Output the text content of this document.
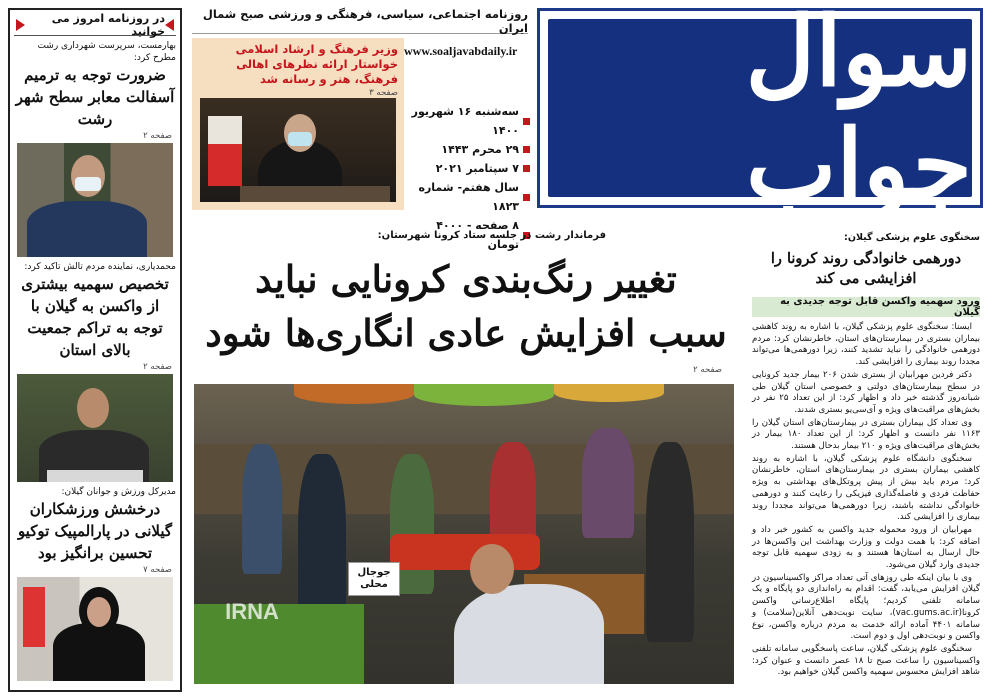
سوال جواب
روزنامه اجتماعی، سیاسی، فرهنگی و ورزشی صبح شمال ایران
www.soaljavabdaily.ir
سه‌شنبه ۱۶ شهریور ۱۴۰۰
۲۹ محرم ۱۴۴۳
۷ سپتامبر ۲۰۲۱
سال هفتم- شماره ۱۸۲۳
۸ صفحه - ۴۰۰۰ تومان
وزیر فرهنگ و ارشاد اسلامی خواستار ارائه نظرهای اهالی فرهنگ، هنر و رسانه شد
صفحه ۳
در روزنامه امروز می خوانید
بهارمست، سرپرست شهرداری رشت مطرح کرد:
ضرورت توجه به ترمیم آسفالت معابر سطح شهر رشت
صفحه ۲
محمدیاری، نماینده مردم تالش تاکید کرد:
تخصیص سهمیه بیشتری از واکسن به گیلان با توجه به تراکم جمعیت بالای استان
صفحه ۲
مدیرکل ورزش و جوانان گیلان:
درخشش ورزشکاران گیلانی در پارالمپیک توکیو تحسین برانگیز بود
صفحه ۷
فرماندار رشت در جلسه ستاد کرونا شهرستان:
تغییر رنگ‌بندی کرونایی نباید
سبب افزایش عادی انگاری‌ها شود
صفحه ۲
جوجال محلی
IRNA
سخنگوی علوم پزشکی گیلان:
دورهمی خانوادگی روند کرونا را افزایشی می کند
ورود سهمیه واکسن قابل توجه جدیدی به گیلان

ایسنا: سخنگوی علوم پزشکی گیلان، با اشاره به روند کاهشی بیماران بستری در بیمارستان‌های استان، خاطرنشان کرد: مردم دورهمی خانوادگی را نباید تشدید کنند، زیرا دورهمی‌ها می‌تواند مجددا روند بیماری را افزایشی کند.

دکتر فردین مهرابیان از بستری شدن ۲۰۶ بیمار جدید کرونایی در سطح بیمارستان‌های دولتی و خصوصی استان گیلان طی شبانه‌روز گذشته خبر داد و اظهار کرد: از این تعداد ۲۵ نفر در بخش‌های مراقبت‌های ویژه و آی‌سی‌یو بستری شدند.

وی تعداد کل بیماران بستری در بیمارستان‌های استان گیلان را ۱۱۶۳ نفر دانست و اظهار کرد: از این تعداد ۱۸۰ بیمار در بخش‌های مراقبت‌های ویژه و ۲۱۰ بیمار بدحال هستند.

سخنگوی دانشگاه علوم پزشکی گیلان، با اشاره به روند کاهشی بیماران بستری در بیمارستان‌های استان، خاطرنشان کرد: مردم باید بیش از پیش پروتکل‌های بهداشتی به ویژه حفاظت فردی و فاصله‌گذاری فیزیکی را رعایت کنند و دورهمی خانوادگی نداشته باشند، زیرا دورهمی‌ها می‌تواند مجددا روند بیماری را افزایشی کند.

مهرابیان از ورود محموله جدید واکسن به کشور خبر داد و اضافه کرد: با همت دولت و وزارت بهداشت این واکسن‌ها در حال ارسال به استان‌ها هستند و به زودی سهمیه قابل توجه جدیدی وارد گیلان می‌شود.

وی با بیان اینکه طی روزهای آتی تعداد مراکز واکسیناسیون در گیلان افزایش می‌یابد، گفت: اقدام به راه‌اندازی دو پایگاه و یک سامانه تلفنی کردیم؛ پایگاه اطلاع‌رسانی واکسن کرونا(vac.gums.ac.ir)، سایت نوبت‌دهی آنلاین(سلامت) و سامانه ۴۴۰۱ آماده ارائه خدمت به مردم درباره واکسن، نوع واکسن و نوبت‌دهی اول و دوم است.

سخنگوی علوم پزشکی گیلان، ساعت پاسخگویی سامانه تلفنی واکسیناسیون را ساعت صبح تا ۱۸ عصر دانست و عنوان کرد: شاهد افزایش محسوس سهمیه واکسن گیلان خواهیم بود.
